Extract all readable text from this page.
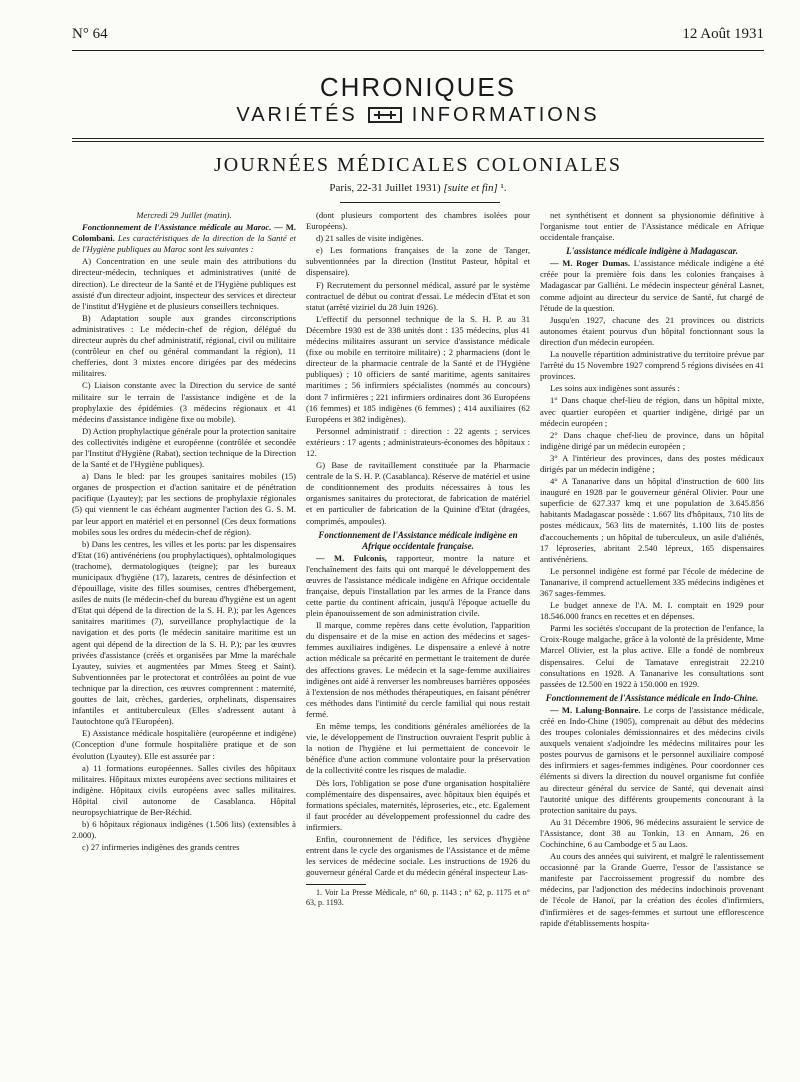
N° 64	12 Août 1931
CHRONIQUES
VARIÉTÉS	INFORMATIONS
JOURNÉES MÉDICALES COLONIALES
Paris, 22-31 Juillet 1931) [suite et fin] ¹.

Mercredi 29 Juillet (matin).

Fonctionnement de l'Assistance médicale au Maroc. — M. Colombani. Les caractéristiques de la direction de la Santé et de l'Hygiène publiques au Maroc sont les suivantes :

A) Concentration en une seule main des attributions du directeur-médecin, techniques et administratives (unité de direction). Le directeur de la Santé et de l'Hygiène publiques est assisté d'un directeur adjoint, inspecteur des services et directeur de l'institut d'Hygiène et de plusieurs conseillers techniques.

B) Adaptation souple aux grandes circonscriptions administratives : Le médecin-chef de région, délégué du directeur auprès du chef administratif, régional, civil ou militaire (contrôleur en chef ou général commandant la région), 11 chefferies, dont 3 mixtes encore dirigées par des médecins militaires.

C) Liaison constante avec la Direction du service de santé militaire sur le terrain de l'assistance indigène et de la prophylaxie des épidémies (3 médecins régionaux et 41 médecins d'assistance indigène fixe ou mobile).

D) Action prophylactique générale pour la protection sanitaire des collectivités indigène et européenne (contrôlée et secondée par l'Institut d'Hygiène (Rabat), section technique de la Direction de la Santé et de l'Hygiène publiques).

a) Dans le bled: par les groupes sanitaires mobiles (15) organes de prospection et d'action sanitaire et de pénétration pacifique (Lyautey); par les sections de prophylaxie régionales (5) qui viennent le cas échéant augmenter l'action des G. S. M. par leur apport en matériel et en personnel (Ces deux formations mobiles sous les ordres du médecin-chef de région).

b) Dans les centres, les villes et les ports: par les dispensaires d'Etat (16) antivénériens (ou prophylactiques), ophtalmologiques (trachome), dermatologiques (teigne); par les bureaux municipaux d'hygiène (17), lazarets, centres de désinfection et d'épouillage, visite des filles soumises, centres d'hébergement, asiles de nuits (le médecin-chef du bureau d'hygiène est un agent d'Etat qui dépend de la direction de la S. H. P.); par les Agences sanitaires maritimes (7), surveillance prophylactique de la navigation et des ports (le médecin sanitaire maritime est un agent qui dépend de la direction de la S. H. P.); par les œuvres privées d'assistance (créés et organisées par Mme la maréchale Lyautey, suivies et augmentées par Mmes Steeg et Saint). Subventionnées par le protectorat et contrôlées au point de vue technique par la direction, ces œuvres comprennent : maternité, gouttes de lait, crèches, garderies, orphelinats, dispensaires infantiles et antituberculeux (Elles s'adressent autant à l'autochtone qu'à l'Européen).

E) Assistance médicale hospitalière (européenne et indigène) (Conception d'une formule hospitalière pratique et de son évolution (Lyautey). Elle est assurée par :

a) 11 formations européennes. Salles civiles des hôpitaux militaires. Hôpitaux mixtes européens avec sections militaires et indigène. Hôpitaux civils européens avec salles militaires. Hôpital civil autonome de Casablanca. Hôpital neuropsychiatrique de Ber-Réchid.

b) 6 hôpitaux régionaux indigènes (1.506 lits) (extensibles à 2.000).

c) 27 infirmeries indigènes des grands centres

(dont plusieurs comportent des chambres isolées pour Européens).

d) 21 salles de visite indigènes.

e) Les formations françaises de la zone de Tanger, subventionnées par la direction (Institut Pasteur, hôpital et dispensaire).

F) Recrutement du personnel médical, assuré par le système contractuel de début ou contrat d'essai. Le médecin d'Etat et son statut (arrêté viziriel du 28 Juin 1926).

L'effectif du personnel technique de la S. H. P. au 31 Décembre 1930 est de 338 unités dont : 135 médecins, plus 41 médecins militaires assurant un service d'assistance médicale (fixe ou mobile en territoire militaire) ; 2 pharmaciens (dont le directeur de la pharmacie centrale de la Santé et de l'Hygiène publiques) ; 10 officiers de santé maritime, agents sanitaires maritimes ; 56 infirmiers spécialistes (nommés au concours) dont 7 infirmières ; 221 infirmiers ordinaires dont 36 Européens (16 femmes) et 185 indigènes (6 femmes) ; 414 auxiliaires (62 Européens et 382 indigènes).

Personnel administratif : direction : 22 agents ; services extérieurs : 17 agents ; administrateurs-économes des hôpitaux : 12.

G) Base de ravitaillement constituée par la Pharmacie centrale de la S. H. P. (Casablanca). Réserve de matériel et usine de conditionnement des produits nécessaires à tous les organismes sanitaires du protectorat, de fabrication de matériel et en particulier de fabrication de la Quinine d'Etat (dragées, comprimés, ampoules).

Fonctionnement de l'Assistance médicale indigène en Afrique occidentale française.

— M. Fulconis, rapporteur, montre la nature et l'enchaînement des faits qui ont marqué le développement des œuvres de l'assistance médicale indigène en Afrique occidentale française, depuis l'installation par les armes de la France dans cette partie du continent africain, jusqu'à l'époque actuelle du plein épanouissement de son administration civile.

Il marque, comme repères dans cette évolution, l'apparition du dispensaire et de la mise en action des médecins et sages-femmes auxiliaires indigènes. Le dispensaire a enlevé à notre action médicale sa précarité en permettant le traitement de durée des affections graves. Le médecin et la sage-femme auxiliaires indigènes ont aidé à renverser les nombreuses barrières opposées à l'extension de nos méthodes thérapeutiques, en faisant pénétrer ces méthodes dans l'intimité du cercle familial qui nous restait fermé.

En même temps, les conditions générales améliorées de la vie, le développement de l'instruction ouvraient l'esprit public à la notion de l'hygiène et lui permettaient de concevoir le bénéfice d'une action commune volontaire pour la préservation de la collectivité contre les risques de maladie.

Dès lors, l'obligation se pose d'une organisation hospitalière complémentaire des dispensaires, avec hôpitaux bien équipés et formations spéciales, maternités, léproseries, etc., etc. Egalement il faut procéder au développement professionnel du cadre des infirmiers.

Enfin, couronnement de l'édifice, les services d'hygiène entrent dans le cycle des organismes de l'Assistance et de même les services de médecine sociale. Les instructions de 1926 du gouverneur général Carde et du médecin général inspecteur Las-

1. Voir La Presse Médicale, n° 60, p. 1143 ; n° 62, p. 1175 et n° 63, p. 1193.

net synthétisent et donnent sa physionomie définitive à l'organisme tout entier de l'Assistance médicale en Afrique occidentale française.

L'assistance médicale indigène à Madagascar.

— M. Roger Dumas. L'assistance médicale indigène a été créée pour la première fois dans les colonies françaises à Madagascar par Galliéni. Le médecin inspecteur général Lasnet, comme adjoint au directeur du service de Santé, fut chargé de l'étude de la question.

Jusqu'en 1927, chacune des 21 provinces ou districts autonomes étaient pourvus d'un hôpital fonctionnant sous la direction d'un médecin européen.

La nouvelle répartition administrative du territoire prévue par l'arrêté du 15 Novembre 1927 comprend 5 régions divisées en 41 provinces.

Les soins aux indigènes sont assurés :

1° Dans chaque chef-lieu de région, dans un hôpital mixte, avec quartier européen et quartier indigène, dirigé par un médecin européen ;

2° Dans chaque chef-lieu de province, dans un hôpital indigène dirigé par un médecin européen ;

3° A l'intérieur des provinces, dans des postes médicaux dirigés par un médecin indigène ;

4° A Tananarive dans un hôpital d'instruction de 600 lits inauguré en 1928 par le gouverneur général Olivier. Pour une superficie de 627.337 kmq et une population de 3.645.856 habitants Madagascar possède : 1.667 lits d'hôpitaux, 710 lits de postes médicaux, 563 lits de maternités, 1.100 lits de postes d'accouchements ; un hôpital de tuberculeux, un asile d'aliénés, 17 léproseries, abritant 2.540 lépreux, 165 dispensaires antivénériens.

Le personnel indigène est formé par l'école de médecine de Tananarive, il comprend actuellement 335 médecins indigènes et 367 sages-femmes.

Le budget annexe de l'A. M. I. comptait en 1929 pour 18.546.000 francs en recettes et en dépenses.

Parmi les sociétés s'occupant de la protection de l'enfance, la Croix-Rouge malgache, grâce à la volonté de la présidente, Mme Marcel Olivier, est la plus active. Elle a fondé de nombreux dispensaires. Celui de Tamatave enregistrait 22.210 consultations en 1928. A Tananarive les consultations sont passées de 12.500 en 1922 à 150.000 en 1929.

Fonctionnement de l'Assistance médicale en Indo-Chine.

— M. Lalung-Bonnaire. Le corps de l'assistance médicale, créé en Indo-Chine (1905), comprenait au début des médecins des troupes coloniales démissionnaires et des médecins civils auxquels venaient s'adjoindre les médecins militaires pour les postes pourvus de garnisons et le personnel auxiliaire composé des infirmiers et sages-femmes indigènes. Pour coordonner ces éléments si divers la direction du nouvel organisme fut confiée au directeur général du service de Santé, qui devenait ainsi l'autorité unique des différents groupements concourant à la protection sanitaire du pays.

Au 31 Décembre 1906, 96 médecins assuraient le service de l'Assistance, dont 38 au Tonkin, 13 en Annam, 26 en Cochinchine, 6 au Cambodge et 5 au Laos.

Au cours des années qui suivirent, et malgré le ralentissement occasionné par la Grande Guerre, l'essor de l'assistance se manifeste par l'accroissement progressif du nombre des médecins, par l'adjonction des médecins indochinois provenant de l'école de Hanoï, par la création des écoles d'infirmiers, d'infirmières et de sages-femmes et surtout une efflorescence rapide d'établissements hospita-
